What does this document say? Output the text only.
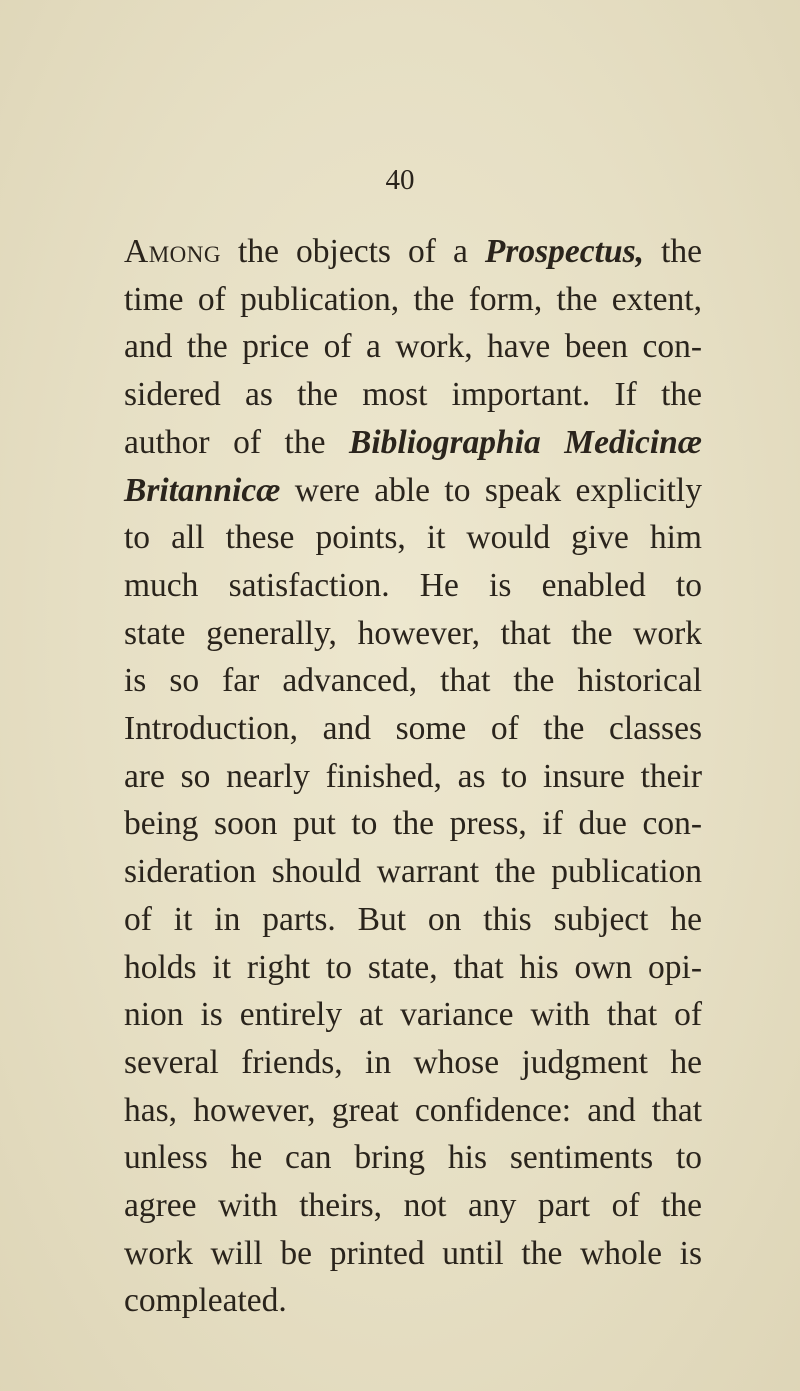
40
Among the objects of a Prospectus, the
time of publication, the form, the extent,
and the price of a work, have been con-
sidered as the most important. If the
author of the Bibliographia Medicinæ
Britannicæ were able to speak explicitly
to all these points, it would give him
much satisfaction. He is enabled to
state generally, however, that the work
is so far advanced, that the historical
Introduction, and some of the classes
are so nearly finished, as to insure their
being soon put to the press, if due con-
sideration should warrant the publication
of it in parts. But on this subject he
holds it right to state, that his own opi-
nion is entirely at variance with that of
several friends, in whose judgment he
has, however, great confidence: and that
unless he can bring his sentiments to
agree with theirs, not any part of the
work will be printed until the whole is
compleated.
